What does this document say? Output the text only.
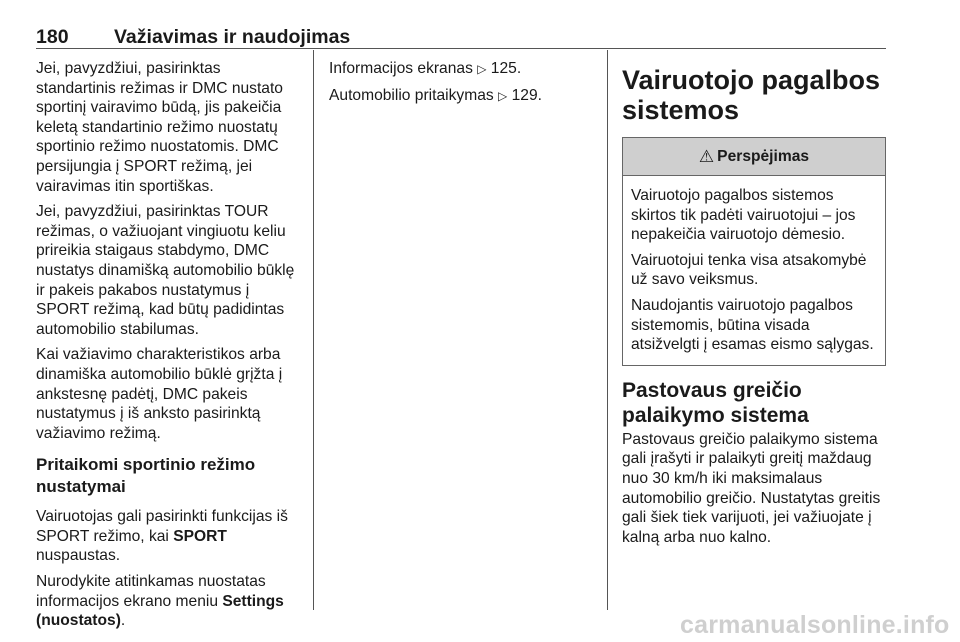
180 Važiavimas ir naudojimas

Jei, pavyzdžiui, pasirinktas standartinis režimas ir DMC nustato sportinį vairavimo būdą, jis pakeičia keletą standartinio režimo nuostatų sportinio režimo nuostatomis. DMC persijungia į SPORT režimą, jei vairavimas itin sportiškas.

Jei, pavyzdžiui, pasirinktas TOUR režimas, o važiuojant vingiuotu keliu prireikia staigaus stabdymo, DMC nustatys dinamišką automobilio būklę ir pakeis pakabos nustatymus į SPORT režimą, kad būtų padidintas automobilio stabilumas.

Kai važiavimo charakteristikos arba dinamiška automobilio būklė grįžta į ankstesnę padėtį, DMC pakeis nustatymus į iš anksto pasirinktą važiavimo režimą.

Pritaikomi sportinio režimo nustatymai

Vairuotojas gali pasirinkti funkcijas iš SPORT režimo, kai SPORT nuspaustas.

Nurodykite atitinkamas nuostatas informacijos ekrano meniu Settings (nuostatos).

Informacijos ekranas ▷ 125.

Automobilio pritaikymas ▷ 129.

Vairuotojo pagalbos sistemos
⚠ Perspėjimas

Vairuotojo pagalbos sistemos skirtos tik padėti vairuotojui – jos nepakeičia vairuotojo dėmesio.

Vairuotojui tenka visa atsakomybė už savo veiksmus.

Naudojantis vairuotojo pagalbos sistemomis, būtina visada atsižvelgti į esamas eismo sąlygas.

Pastovaus greičio palaikymo sistema

Pastovaus greičio palaikymo sistema gali įrašyti ir palaikyti greitį maždaug nuo 30 km/h iki maksimalaus automobilio greičio. Nustatytas greitis gali šiek tiek varijuoti, jei važiuojate į kalną arba nuo kalno.

carmanualsonline.info
